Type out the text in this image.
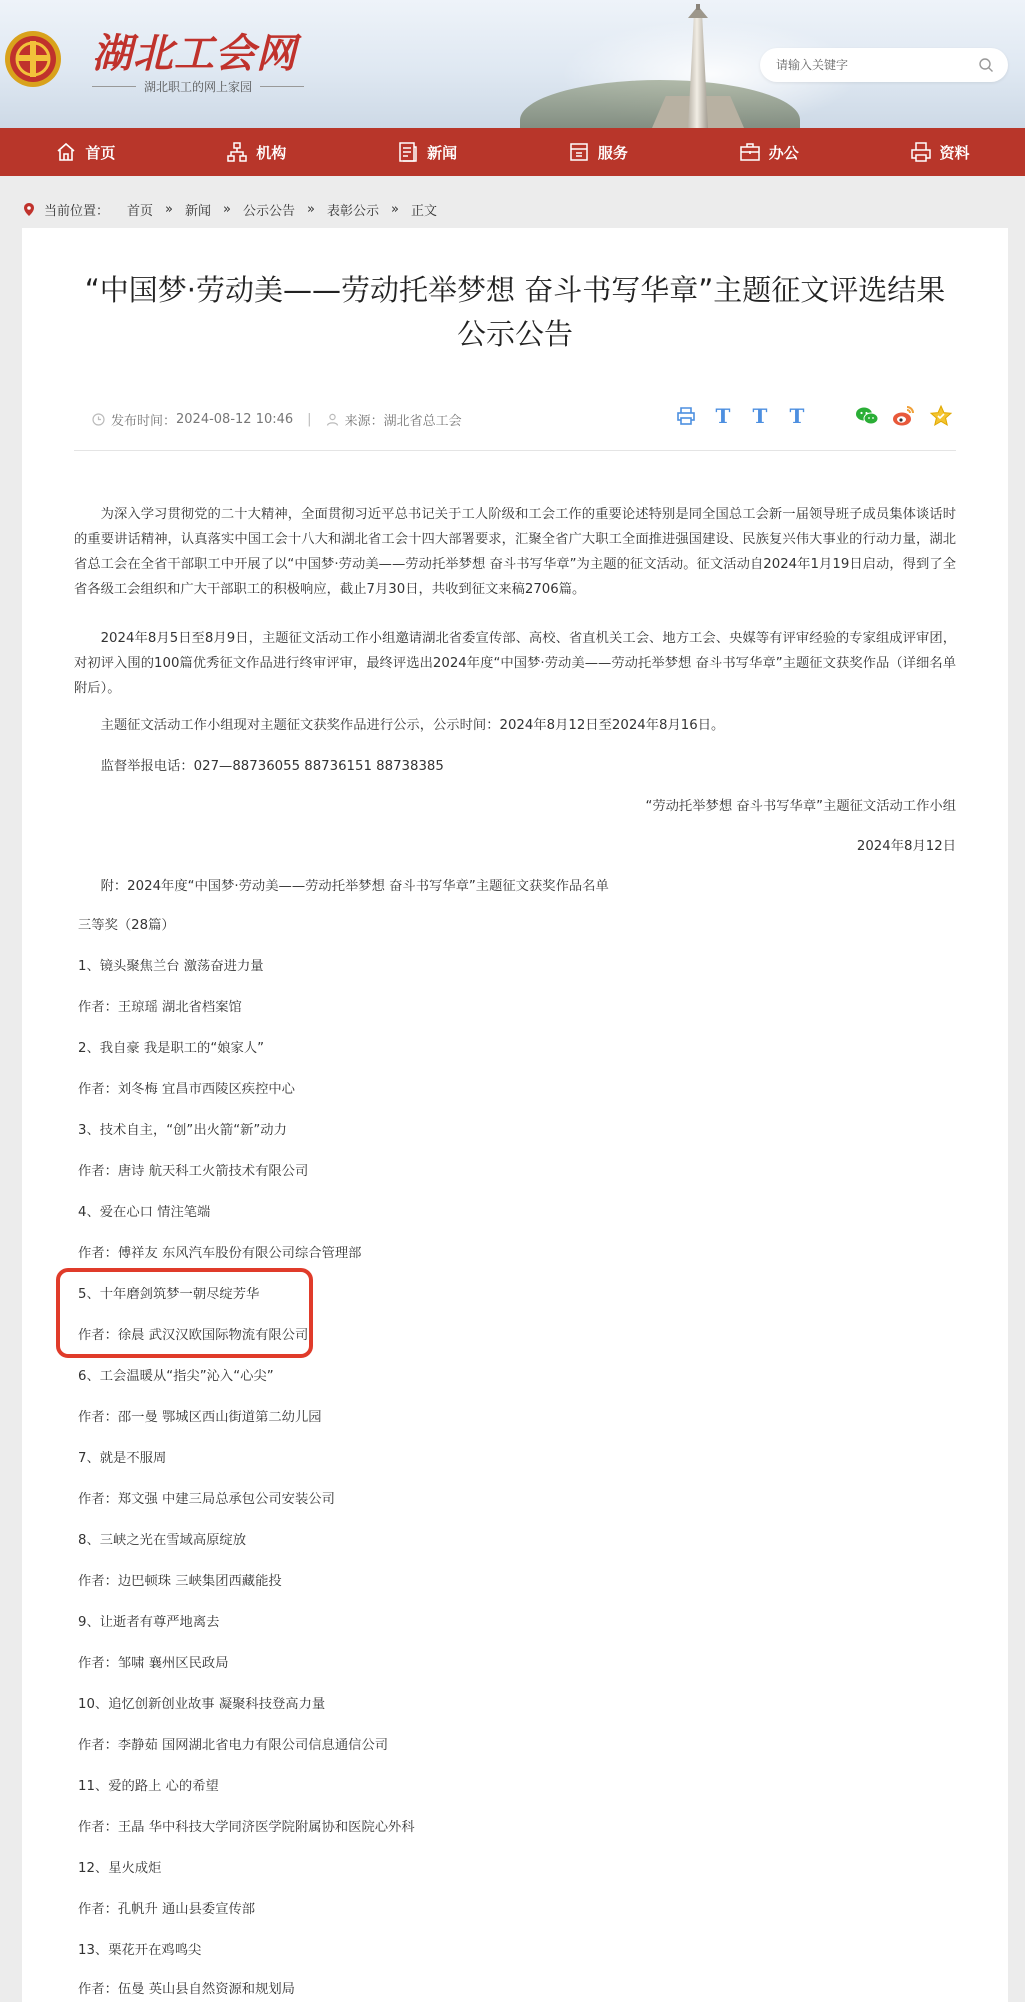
湖北工会网
湖北职工的网上家园
请输入关键字
首页	机构	新闻	服务	办公	资料
当前位置： 首页 » 新闻 » 公示公告 » 表彰公示 » 正文
“中国梦·劳动美——劳动托举梦想 奋斗书写华章”主题征文评选结果公示公告
发布时间： 2024-08-12 10:46 |	来源： 湖北省总工会	T T T

为深入学习贯彻党的二十大精神，全面贯彻习近平总书记关于工人阶级和工会工作的重要论述特别是同全国总工会新一届领导班子成员集体谈话时的重要讲话精神，认真落实中国工会十八大和湖北省工会十四大部署要求，汇聚全省广大职工全面推进强国建设、民族复兴伟大事业的行动力量，湖北省总工会在全省干部职工中开展了以“中国梦·劳动美——劳动托举梦想 奋斗书写华章”为主题的征文活动。征文活动自2024年1月19日启动，得到了全省各级工会组织和广大干部职工的积极响应，截止7月30日，共收到征文来稿2706篇。

2024年8月5日至8月9日，主题征文活动工作小组邀请湖北省委宣传部、高校、省直机关工会、地方工会、央媒等有评审经验的专家组成评审团，对初评入围的100篇优秀征文作品进行终审评审，最终评选出2024年度“中国梦·劳动美——劳动托举梦想 奋斗书写华章”主题征文获奖作品（详细名单附后）。

主题征文活动工作小组现对主题征文获奖作品进行公示，公示时间：2024年8月12日至2024年8月16日。

监督举报电话：027—88736055 88736151 88738385

“劳动托举梦想 奋斗书写华章”主题征文活动工作小组

2024年8月12日

附：2024年度“中国梦·劳动美——劳动托举梦想 奋斗书写华章”主题征文获奖作品名单

三等奖（28篇）
1、镜头聚焦兰台 激荡奋进力量
作者：王琼瑶 湖北省档案馆
2、我自豪 我是职工的“娘家人”
作者：刘冬梅 宜昌市西陵区疾控中心
3、技术自主，“创”出火箭“新”动力
作者：唐诗 航天科工火箭技术有限公司
4、爱在心口 情注笔端
作者：傅祥友 东风汽车股份有限公司综合管理部
5、十年磨剑筑梦一朝尽绽芳华
作者：徐晨 武汉汉欧国际物流有限公司
6、工会温暖从“指尖”沁入“心尖”
作者：邵一曼 鄂城区西山街道第二幼儿园
7、就是不服周
作者：郑文强 中建三局总承包公司安装公司
8、三峡之光在雪域高原绽放
作者：边巴顿珠 三峡集团西藏能投
9、让逝者有尊严地离去
作者：邹啸 襄州区民政局
10、追忆创新创业故事 凝聚科技登高力量
作者：李静茹 国网湖北省电力有限公司信息通信公司
11、爱的路上 心的希望
作者：王晶 华中科技大学同济医学院附属协和医院心外科
12、星火成炬
作者：孔帆升 通山县委宣传部
13、栗花开在鸡鸣尖
作者：伍曼 英山县自然资源和规划局
